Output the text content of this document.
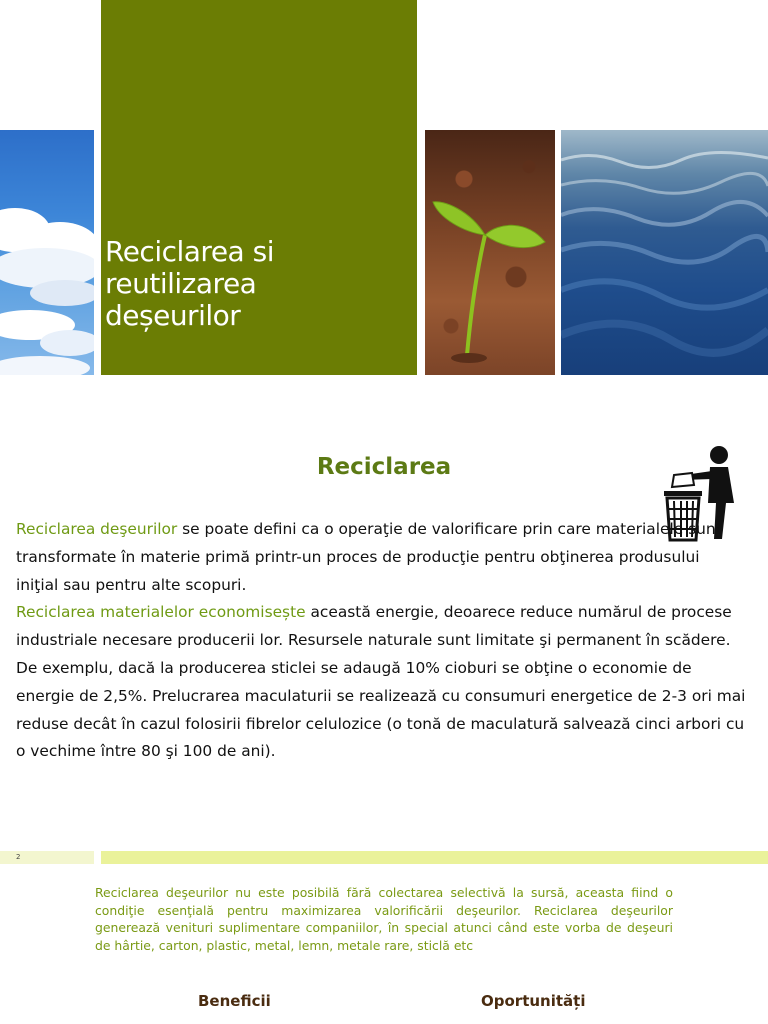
Reciclarea si
reutilizarea
deșeurilor
Reciclarea
Reciclarea deşeurilor se poate defini ca o operaţie de valorificare prin care materialele sunt transformate în materie primă printr-un proces de producţie pentru obţinerea produsului iniţial sau pentru alte scopuri.
Reciclarea materialelor economisește această energie, deoarece reduce numărul de procese industriale necesare producerii lor. Resursele naturale sunt limitate şi permanent în scădere. De exemplu, dacă la producerea sticlei se adaugă 10% cioburi se obţine o economie de energie de 2,5%. Prelucrarea maculaturii se realizează cu consumuri energetice de 2-3 ori mai reduse decât în cazul folosirii fibrelor celulozice (o tonă de maculatură salvează cinci arbori cu o vechime între 80 şi 100 de ani).
2
Reciclarea deşeurilor nu este posibilă fără colectarea selectivă la sursă, aceasta fiind o condiţie esenţială pentru maximizarea valorificării deşeurilor. Reciclarea deşeurilor generează venituri suplimentare companiilor, în special atunci când este vorba de deşeuri de hârtie, carton, plastic, metal, lemn, metale rare, sticlă etc
Beneficii	Oportunități
